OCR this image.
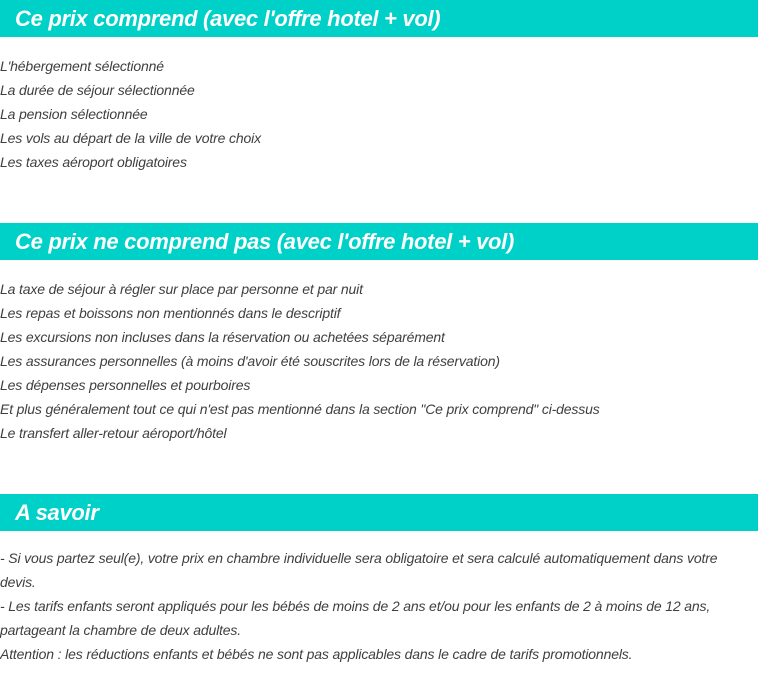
Ce prix comprend (avec l'offre hotel + vol)
L'hébergement sélectionné
La durée de séjour sélectionnée
La pension sélectionnée
Les vols au départ de la ville de votre choix
Les taxes aéroport obligatoires
Ce prix ne comprend pas (avec l'offre hotel + vol)
La taxe de séjour à régler sur place par personne et par nuit
Les repas et boissons non mentionnés dans le descriptif
Les excursions non incluses dans la réservation ou achetées séparément
Les assurances personnelles (à moins d'avoir été souscrites lors de la réservation)
Les dépenses personnelles et pourboires
Et plus généralement tout ce qui n'est pas mentionné dans la section "Ce prix comprend" ci-dessus
Le transfert aller-retour aéroport/hôtel
A savoir

- Si vous partez seul(e), votre prix en chambre individuelle sera obligatoire et sera calculé automatiquement dans votre devis.

- Les tarifs enfants seront appliqués pour les bébés de moins de 2 ans et/ou pour les enfants de 2 à moins de 12 ans, partageant la chambre de deux adultes.

Attention : les réductions enfants et bébés ne sont pas applicables dans le cadre de tarifs promotionnels.
